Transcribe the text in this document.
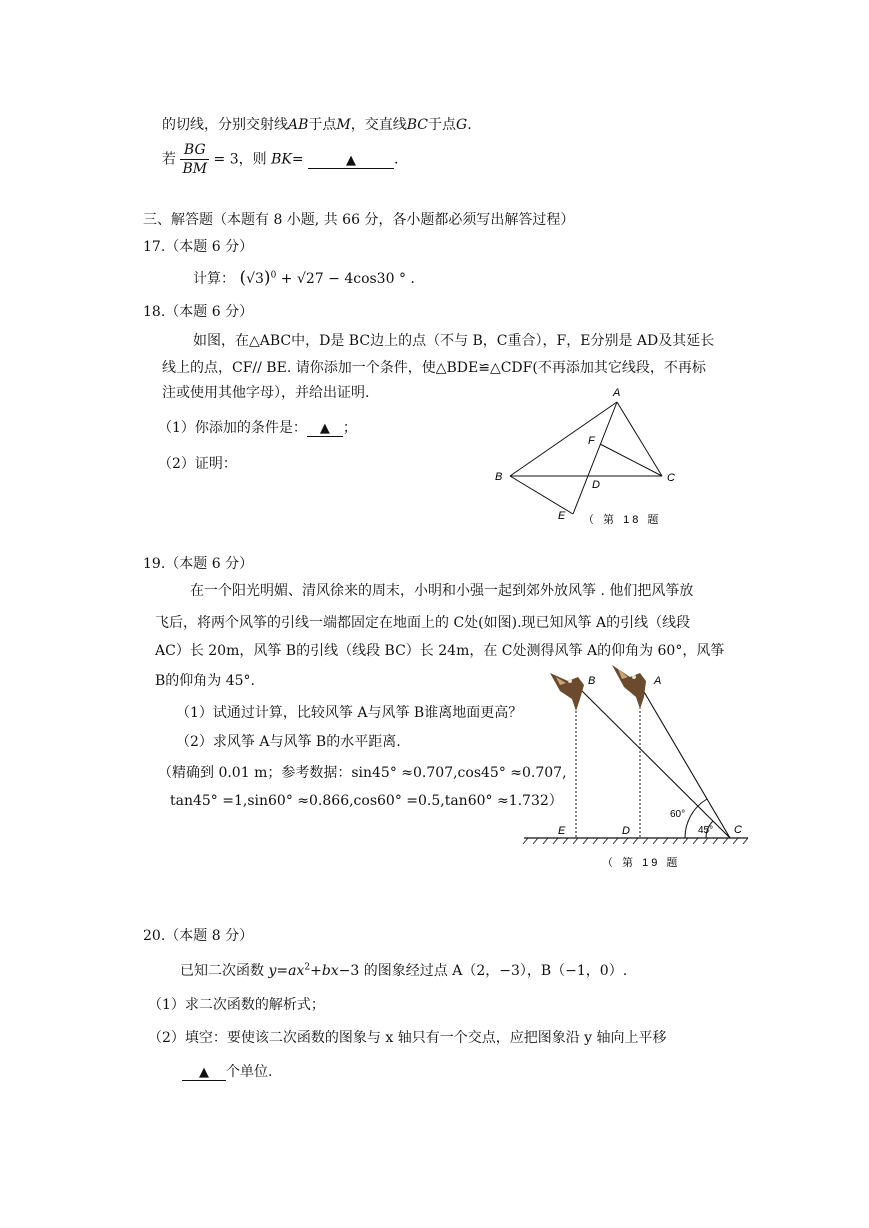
的切线，分别交射线AB于点M，交直线BC于点G.
若 $\frac{BG}{BM} = 3$，则 BK=	▲	.
三、解答题（本题有 8 小题, 共 66 分，各小题都必须写出解答过程）
17.（本题 6 分）
计算： $(√3)^0 + √27 - 4\cos 30$ ° .
18.（本题 6 分）
如图，在△ABC中，D是 BC边上的点（不与 B，C重合），F，E分别是 AD及其延长
线上的点，CF// BE. 请你添加一个条件，使△BDE≌△CDF(不再添加其它线段，不再标
注或使用其他字母），并给出证明.
（1）你添加的条件是： ▲ ；
（2）证明：
A
B	C
D
E
F
（ 第 18 题
19.（本题 6 分）
在一个阳光明媚、清风徐来的周末，小明和小强一起到郊外放风筝 . 他们把风筝放
飞后，将两个风筝的引线一端都固定在地面上的 C处(如图).现已知风筝 A的引线（线段
AC）长 20m，风筝 B的引线（线段 BC）长 24m，在 C处测得风筝 A的仰角为 60°，风筝
B的仰角为 45°.
（1）试通过计算，比较风筝 A与风筝 B谁离地面更高？
（2）求风筝 A与风筝 B的水平距离.
（精确到 0.01 m；参考数据：sin45° ≈0.707,cos45° ≈0.707,
tan45° =1,sin60° ≈0.866,cos60° =0.5,tan60° ≈1.732）
B	A
C
D
E
60°
45°
（ 第 19 题
20.（本题 8 分）
已知二次函数 $y=ax^2+bx-3$ 的图象经过点 A（2，−3），B（−1，0）.
（1）求二次函数的解析式；
（2）填空：要使该二次函数的图象与 x 轴只有一个交点，应把图象沿 y 轴向上平移
▲ 个单位.
